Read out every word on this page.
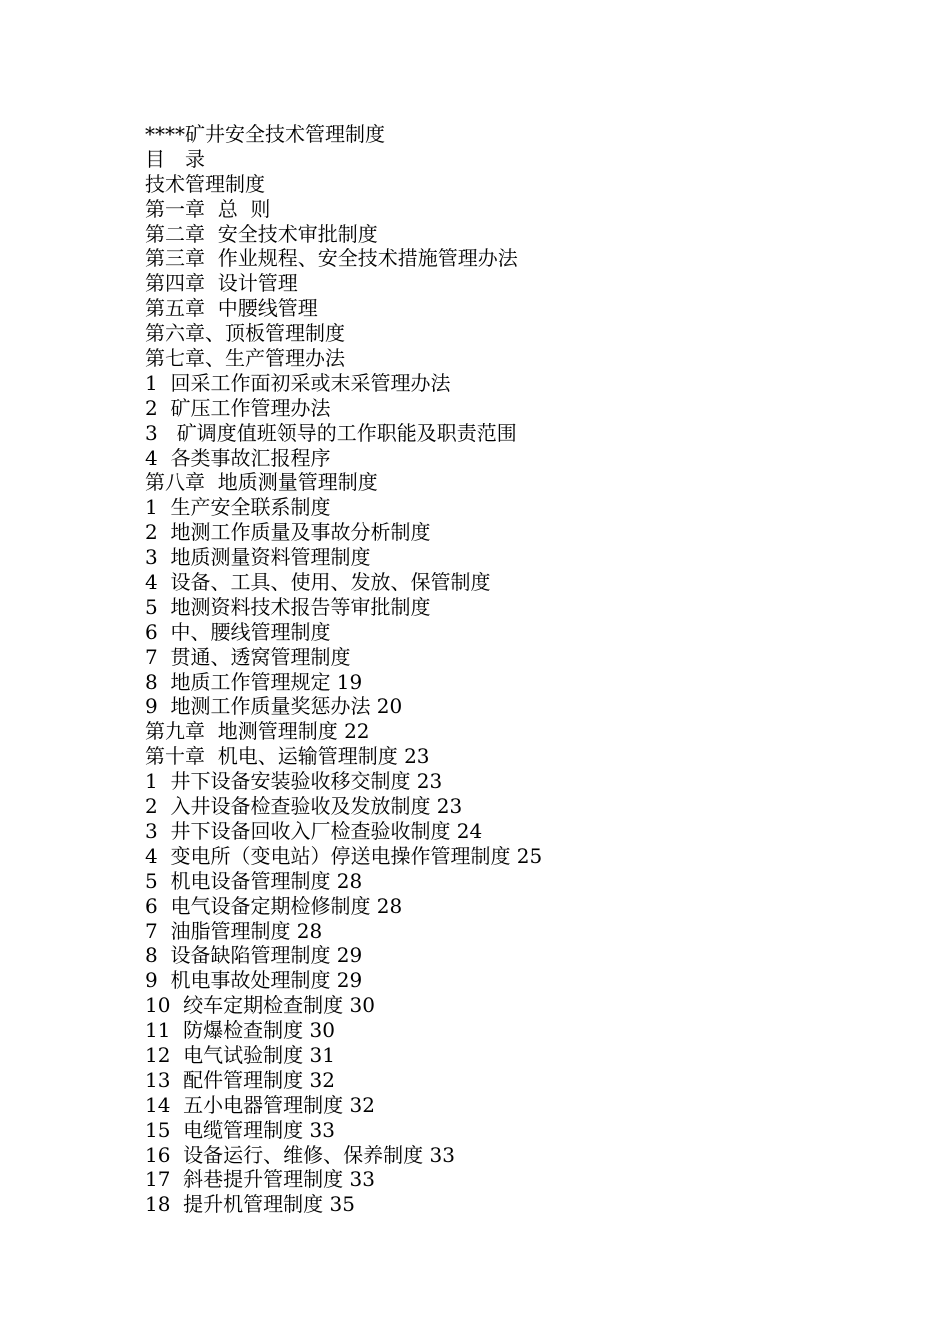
****矿井安全技术管理制度
目　录
技术管理制度
第一章  总  则
第二章  安全技术审批制度
第三章  作业规程、安全技术措施管理办法
第四章  设计管理
第五章  中腰线管理
第六章、顶板管理制度
第七章、生产管理办法
1  回采工作面初采或末采管理办法
2  矿压工作管理办法
3   矿调度值班领导的工作职能及职责范围
4  各类事故汇报程序
第八章  地质测量管理制度
1  生产安全联系制度
2  地测工作质量及事故分析制度
3  地质测量资料管理制度
4  设备、工具、使用、发放、保管制度
5  地测资料技术报告等审批制度
6  中、腰线管理制度
7  贯通、透窝管理制度
8  地质工作管理规定 19
9  地测工作质量奖惩办法 20
第九章  地测管理制度 22
第十章  机电、运输管理制度 23
1  井下设备安装验收移交制度 23
2  入井设备检查验收及发放制度 23
3  井下设备回收入厂检查验收制度 24
4  变电所（变电站）停送电操作管理制度 25
5  机电设备管理制度 28
6  电气设备定期检修制度 28
7  油脂管理制度 28
8  设备缺陷管理制度 29
9  机电事故处理制度 29
10  绞车定期检查制度 30
11  防爆检查制度 30
12  电气试验制度 31
13  配件管理制度 32
14  五小电器管理制度 32
15  电缆管理制度 33
16  设备运行、维修、保养制度 33
17  斜巷提升管理制度 33
18  提升机管理制度 35
